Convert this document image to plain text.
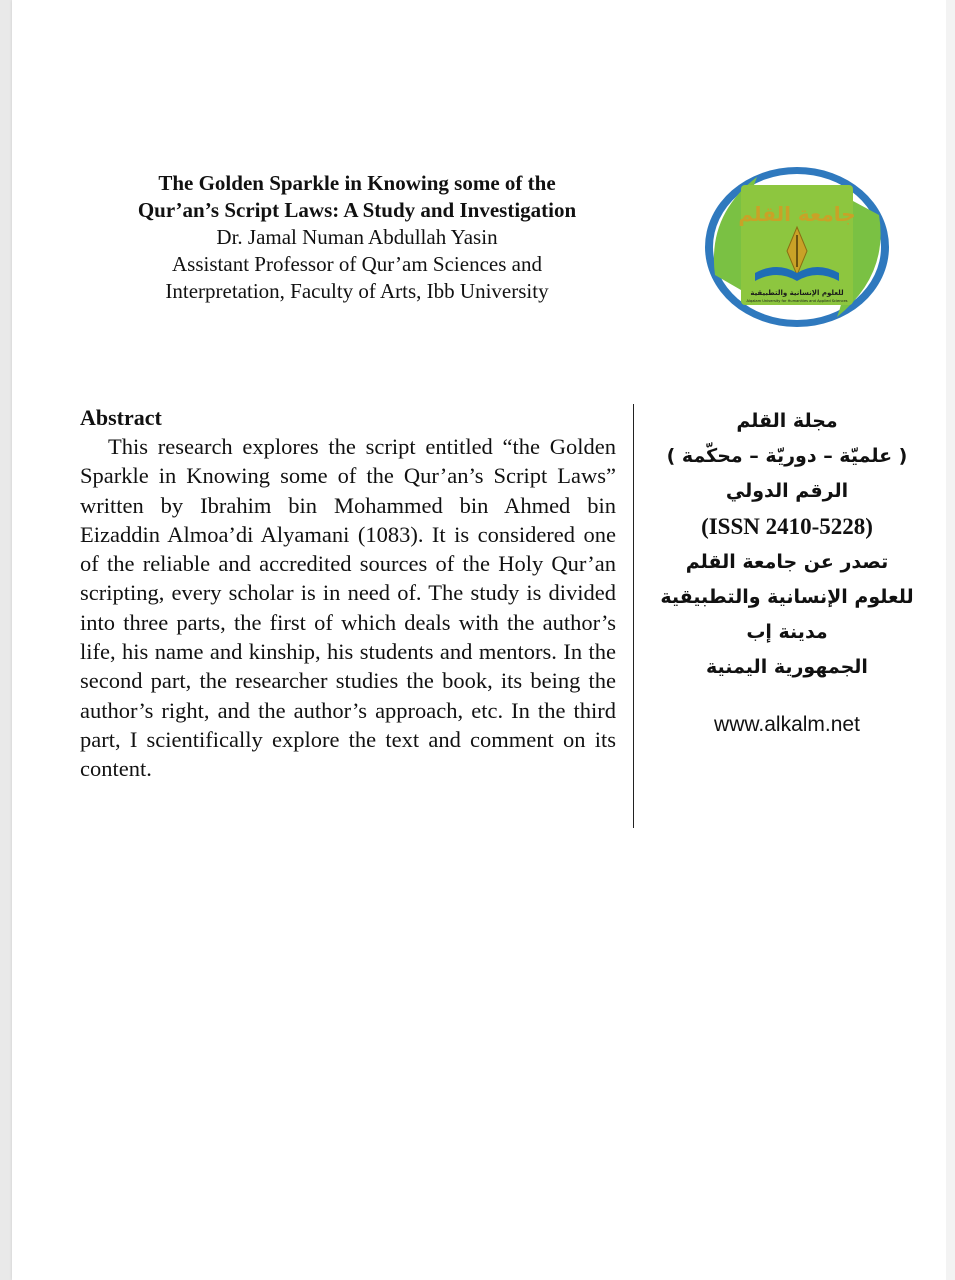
The Golden Sparkle in Knowing some of the
Qur’an’s Script Laws: A Study and Investigation
Dr. Jamal Numan Abdullah Yasin
Assistant Professor of Qur’am Sciences and
Interpretation, Faculty of Arts, Ibb University
جامعة القلم
للعلوم الإنسانية والتطبيقية
Alqalam University for Humanities and Applied Sciences
Abstract

This research explores the script entitled “the Golden Sparkle in Knowing some of the Qur’an’s Script Laws” written by Ibrahim bin Mohammed bin Ahmed bin Eizaddin Almoa’di Alyamani (1083). It is considered one of the reliable and accredited sources of the Holy Qur’an scripting, every scholar is in need of. The study is divided into three parts, the first of which deals with the author’s life, his name and kinship, his students and mentors. In the second part, the researcher studies the book, its being the author’s right, and the author’s approach, etc. In the third part, I scientifically explore the text and comment on its content.

مجلة القلم
( علميّة – دوريّة – محكّمة )
الرقم الدولي
(ISSN 2410-5228)
تصدر عن جامعة القلم
للعلوم الإنسانية والتطبيقية
مدينة إب
الجمهورية اليمنية
www.alkalm.net
